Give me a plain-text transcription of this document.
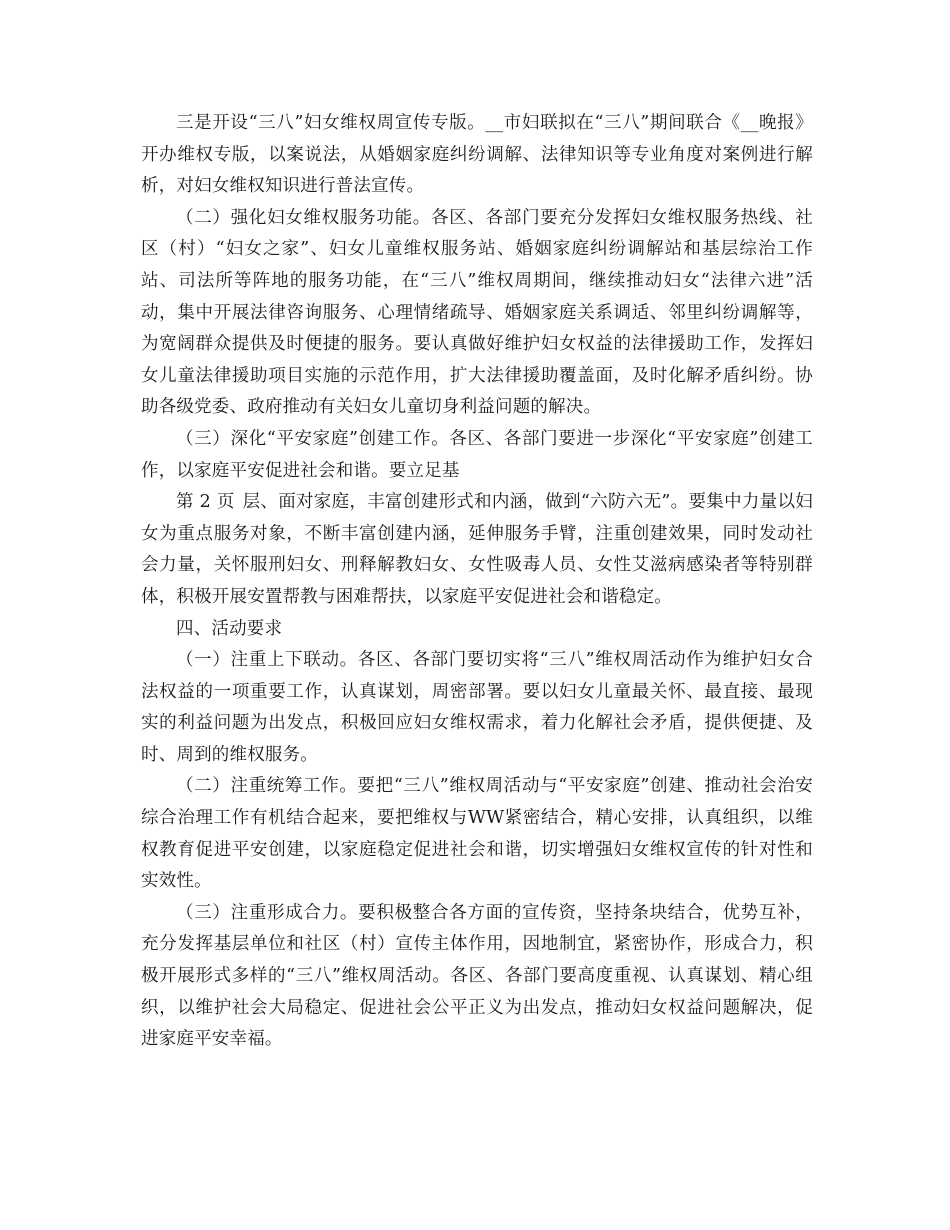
三是开设“三八”妇女维权周宣传专版。__市妇联拟在“三八”期间联合《__晚报》开办维权专版，以案说法，从婚姻家庭纠纷调解、法律知识等专业角度对案例进行解析，对妇女维权知识进行普法宣传。

（二）强化妇女维权服务功能。各区、各部门要充分发挥妇女维权服务热线、社区（村）“妇女之家”、妇女儿童维权服务站、婚姻家庭纠纷调解站和基层综治工作站、司法所等阵地的服务功能，在“三八”维权周期间，继续推动妇女“法律六进”活动，集中开展法律咨询服务、心理情绪疏导、婚姻家庭关系调适、邻里纠纷调解等，为宽阔群众提供及时便捷的服务。要认真做好维护妇女权益的法律援助工作，发挥妇女儿童法律援助项目实施的示范作用，扩大法律援助覆盖面，及时化解矛盾纠纷。协助各级党委、政府推动有关妇女儿童切身利益问题的解决。

（三）深化“平安家庭”创建工作。各区、各部门要进一步深化“平安家庭”创建工作，以家庭平安促进社会和谐。要立足基

第 2 页 层、面对家庭，丰富创建形式和内涵，做到“六防六无”。要集中力量以妇女为重点服务对象，不断丰富创建内涵，延伸服务手臂，注重创建效果，同时发动社会力量，关怀服刑妇女、刑释解教妇女、女性吸毒人员、女性艾滋病感染者等特别群体，积极开展安置帮教与困难帮扶，以家庭平安促进社会和谐稳定。

四、活动要求

（一）注重上下联动。各区、各部门要切实将“三八”维权周活动作为维护妇女合法权益的一项重要工作，认真谋划，周密部署。要以妇女儿童最关怀、最直接、最现实的利益问题为出发点，积极回应妇女维权需求，着力化解社会矛盾，提供便捷、及时、周到的维权服务。

（二）注重统筹工作。要把“三八”维权周活动与“平安家庭”创建、推动社会治安综合治理工作有机结合起来，要把维权与WW紧密结合，精心安排，认真组织，以维权教育促进平安创建，以家庭稳定促进社会和谐，切实增强妇女维权宣传的针对性和实效性。

（三）注重形成合力。要积极整合各方面的宣传资，坚持条块结合，优势互补，充分发挥基层单位和社区（村）宣传主体作用，因地制宜，紧密协作，形成合力，积极开展形式多样的“三八”维权周活动。各区、各部门要高度重视、认真谋划、精心组织，以维护社会大局稳定、促进社会公平正义为出发点，推动妇女权益问题解决，促进家庭平安幸福。
